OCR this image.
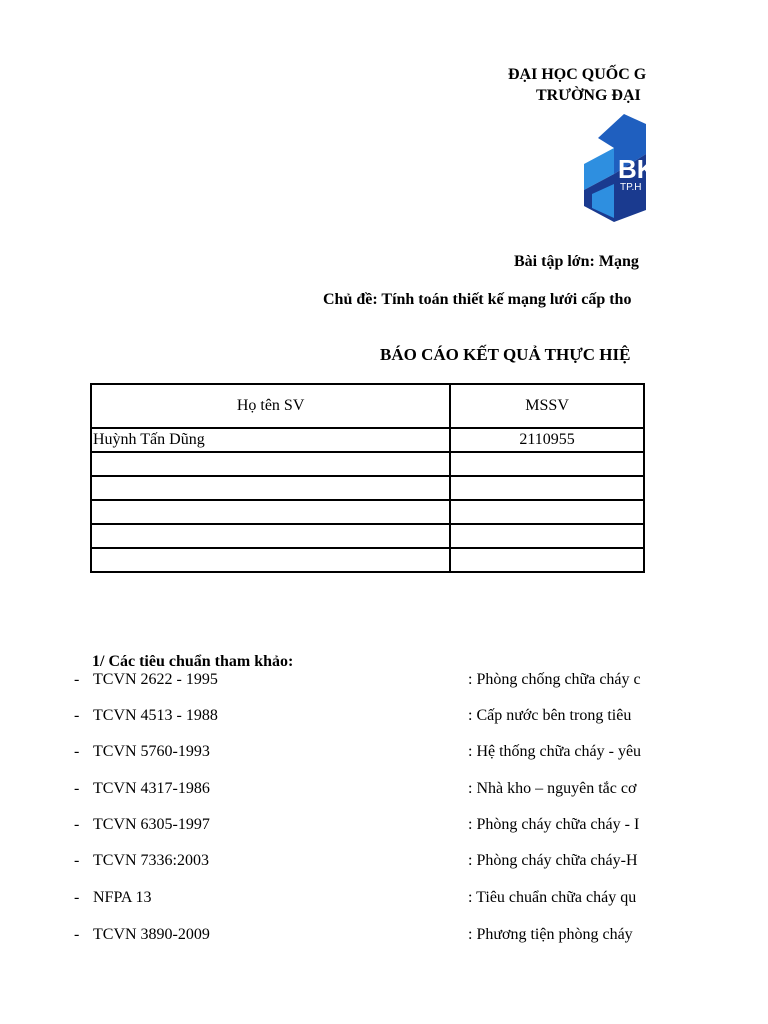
ĐẠI HỌC QUỐC G
TRƯỜNG ĐẠI
BK
TP.H
Bài tập lớn: Mạng
Chủ đề: Tính toán thiết kế mạng lưới cấp tho
BÁO CÁO KẾT QUẢ THỰC HIỆ
Họ tên SV	MSSV
Huỳnh Tấn Dũng	2110955

1/ Các tiêu chuẩn tham khảo:
- TCVN 2622 - 1995	: Phòng chống chữa cháy c
- TCVN 4513 - 1988	: Cấp nước bên trong tiêu
- TCVN 5760-1993	: Hệ thống chữa cháy - yêu
- TCVN 4317-1986	: Nhà kho – nguyên tắc cơ
- TCVN 6305-1997	: Phòng cháy chữa cháy - I
- TCVN 7336:2003	: Phòng cháy chữa cháy-H
- NFPA 13	: Tiêu chuẩn chữa cháy qu
- TCVN 3890-2009	: Phương tiện phòng cháy
